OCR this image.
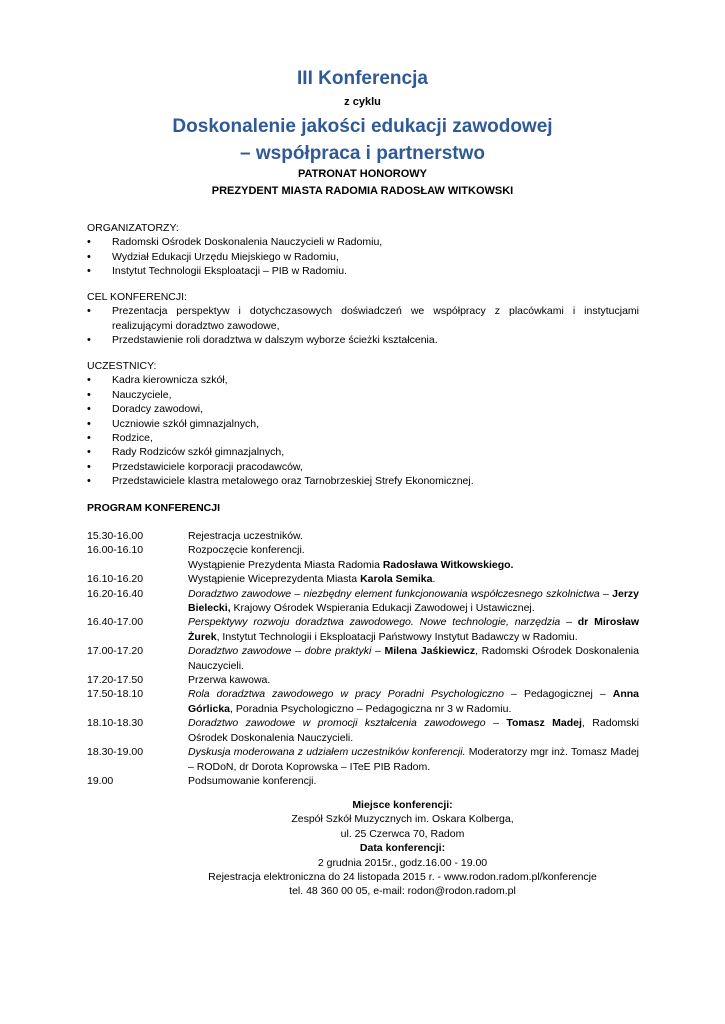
III Konferencja
z cyklu
Doskonalenie jakości edukacji zawodowej
– współpraca i partnerstwo
PATRONAT HONOROWY
PREZYDENT MIASTA RADOMIA RADOSŁAW WITKOWSKI

ORGANIZATORZY:

• Radomski Ośrodek Doskonalenia Nauczycieli w Radomiu,
• Wydział Edukacji Urzędu Miejskiego w Radomiu,
• Instytut Technologii Eksploatacji – PIB w Radomiu.

CEL KONFERENCJI:

• Prezentacja perspektyw i dotychczasowych doświadczeń we współpracy z placówkami i instytucjami realizującymi doradztwo zawodowe,
• Przedstawienie roli doradztwa w dalszym wyborze ścieżki kształcenia.

UCZESTNICY:

• Kadra kierownicza szkół,
• Nauczyciele,
• Doradcy zawodowi,
• Uczniowie szkół gimnazjalnych,
• Rodzice,
• Rady Rodziców szkół gimnazjalnych,
• Przedstawiciele korporacji pracodawców,
• Przedstawiciele klastra metalowego oraz Tarnobrzeskiej Strefy Ekonomicznej.
PROGRAM KONFERENCJI
15.30-16.00	Rejestracja uczestników.
16.00-16.10	Rozpoczęcie konferencji.
Wystąpienie Prezydenta Miasta Radomia Radosława Witkowskiego.
16.10-16.20	Wystąpienie Wiceprezydenta Miasta Karola Semika.
16.20-16.40	Doradztwo zawodowe – niezbędny element funkcjonowania współczesnego szkolnictwa – Jerzy Bielecki, Krajowy Ośrodek Wspierania Edukacji Zawodowej i Ustawicznej.
16.40-17.00	Perspektywy rozwoju doradztwa zawodowego. Nowe technologie, narzędzia – dr Mirosław Żurek, Instytut Technologii i Eksploatacji Państwowy Instytut Badawczy w Radomiu.
17.00-17.20	Doradztwo zawodowe – dobre praktyki – Milena Jaśkiewicz, Radomski Ośrodek Doskonalenia Nauczycieli.
17.20-17.50	Przerwa kawowa.
17.50-18.10	Rola doradztwa zawodowego w pracy Poradni Psychologiczno – Pedagogicznej – Anna Górlicka, Poradnia Psychologiczno – Pedagogiczna nr 3 w Radomiu.
18.10-18.30	Doradztwo zawodowe w promocji kształcenia zawodowego – Tomasz Madej, Radomski Ośrodek Doskonalenia Nauczycieli.
18.30-19.00	Dyskusja moderowana z udziałem uczestników konferencji. Moderatorzy mgr inż. Tomasz Madej – RODoN, dr Dorota Koprowska – ITeE PIB Radom.
19.00	Podsumowanie konferencji.
Miejsce konferencji:
Zespół Szkół Muzycznych im. Oskara Kolberga,
ul. 25 Czerwca 70, Radom
Data konferencji:
2 grudnia 2015r., godz.16.00 - 19.00
Rejestracja elektroniczna do 24 listopada 2015 r. - www.rodon.radom.pl/konferencje
tel. 48 360 00 05, e-mail: rodon@rodon.radom.pl
